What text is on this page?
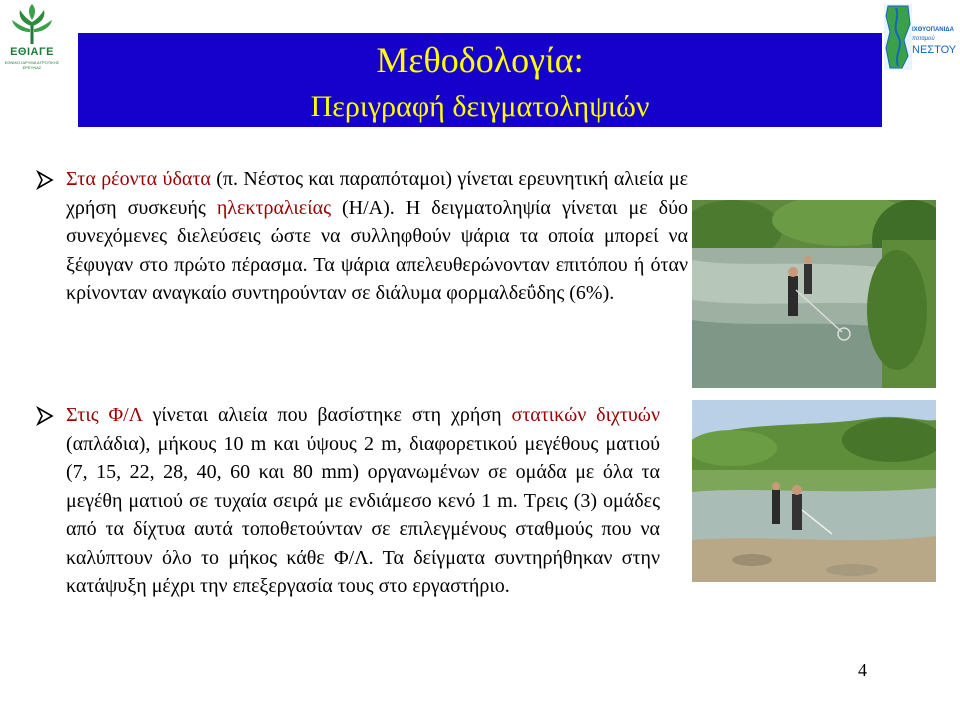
ΕΘΙΑΓΕ
ΕΘΝΙΚΟ ΙΔΡΥΜΑ ΑΓΡΟΤΙΚΗΣ ΕΡΕΥΝΑΣ	Μεθοδολογία:
Περιγραφή δειγματοληψιών
ΙΧΘΥΟΠΑΝΙΔΑ
ποταμού
ΝΕΣΤΟΥ

Στα ρέοντα ύδατα (π. Νέστος και παραπόταμοι) γίνεται ερευνητική αλιεία με χρήση συσκευής ηλεκτραλιείας (Η/Α). Η δειγματοληψία γίνεται με δύο συνεχόμενες διελεύσεις ώστε να συλληφθούν ψάρια τα οποία μπορεί να ξέφυγαν στο πρώτο πέρασμα. Τα ψάρια απελευθερώνονταν επιτόπου ή όταν κρίνονταν αναγκαίο συντηρούνταν σε διάλυμα φορμαλδεΰδης (6%).

Στις Φ/Λ γίνεται αλιεία που βασίστηκε στη χρήση στατικών διχτυών (απλάδια), μήκους 10 m και ύψους 2 m, διαφορετικού μεγέθους ματιού (7, 15, 22, 28, 40, 60 και 80 mm) οργανωμένων σε ομάδα με όλα τα μεγέθη ματιού σε τυχαία σειρά με ενδιάμεσο κενό 1 m. Τρεις (3) ομάδες από τα δίχτυα αυτά τοποθετούνταν σε επιλεγμένους σταθμούς που να καλύπτουν όλο το μήκος κάθε Φ/Λ. Τα δείγματα συντηρήθηκαν στην κατάψυξη μέχρι την επεξεργασία τους στο εργαστήριο.

4
